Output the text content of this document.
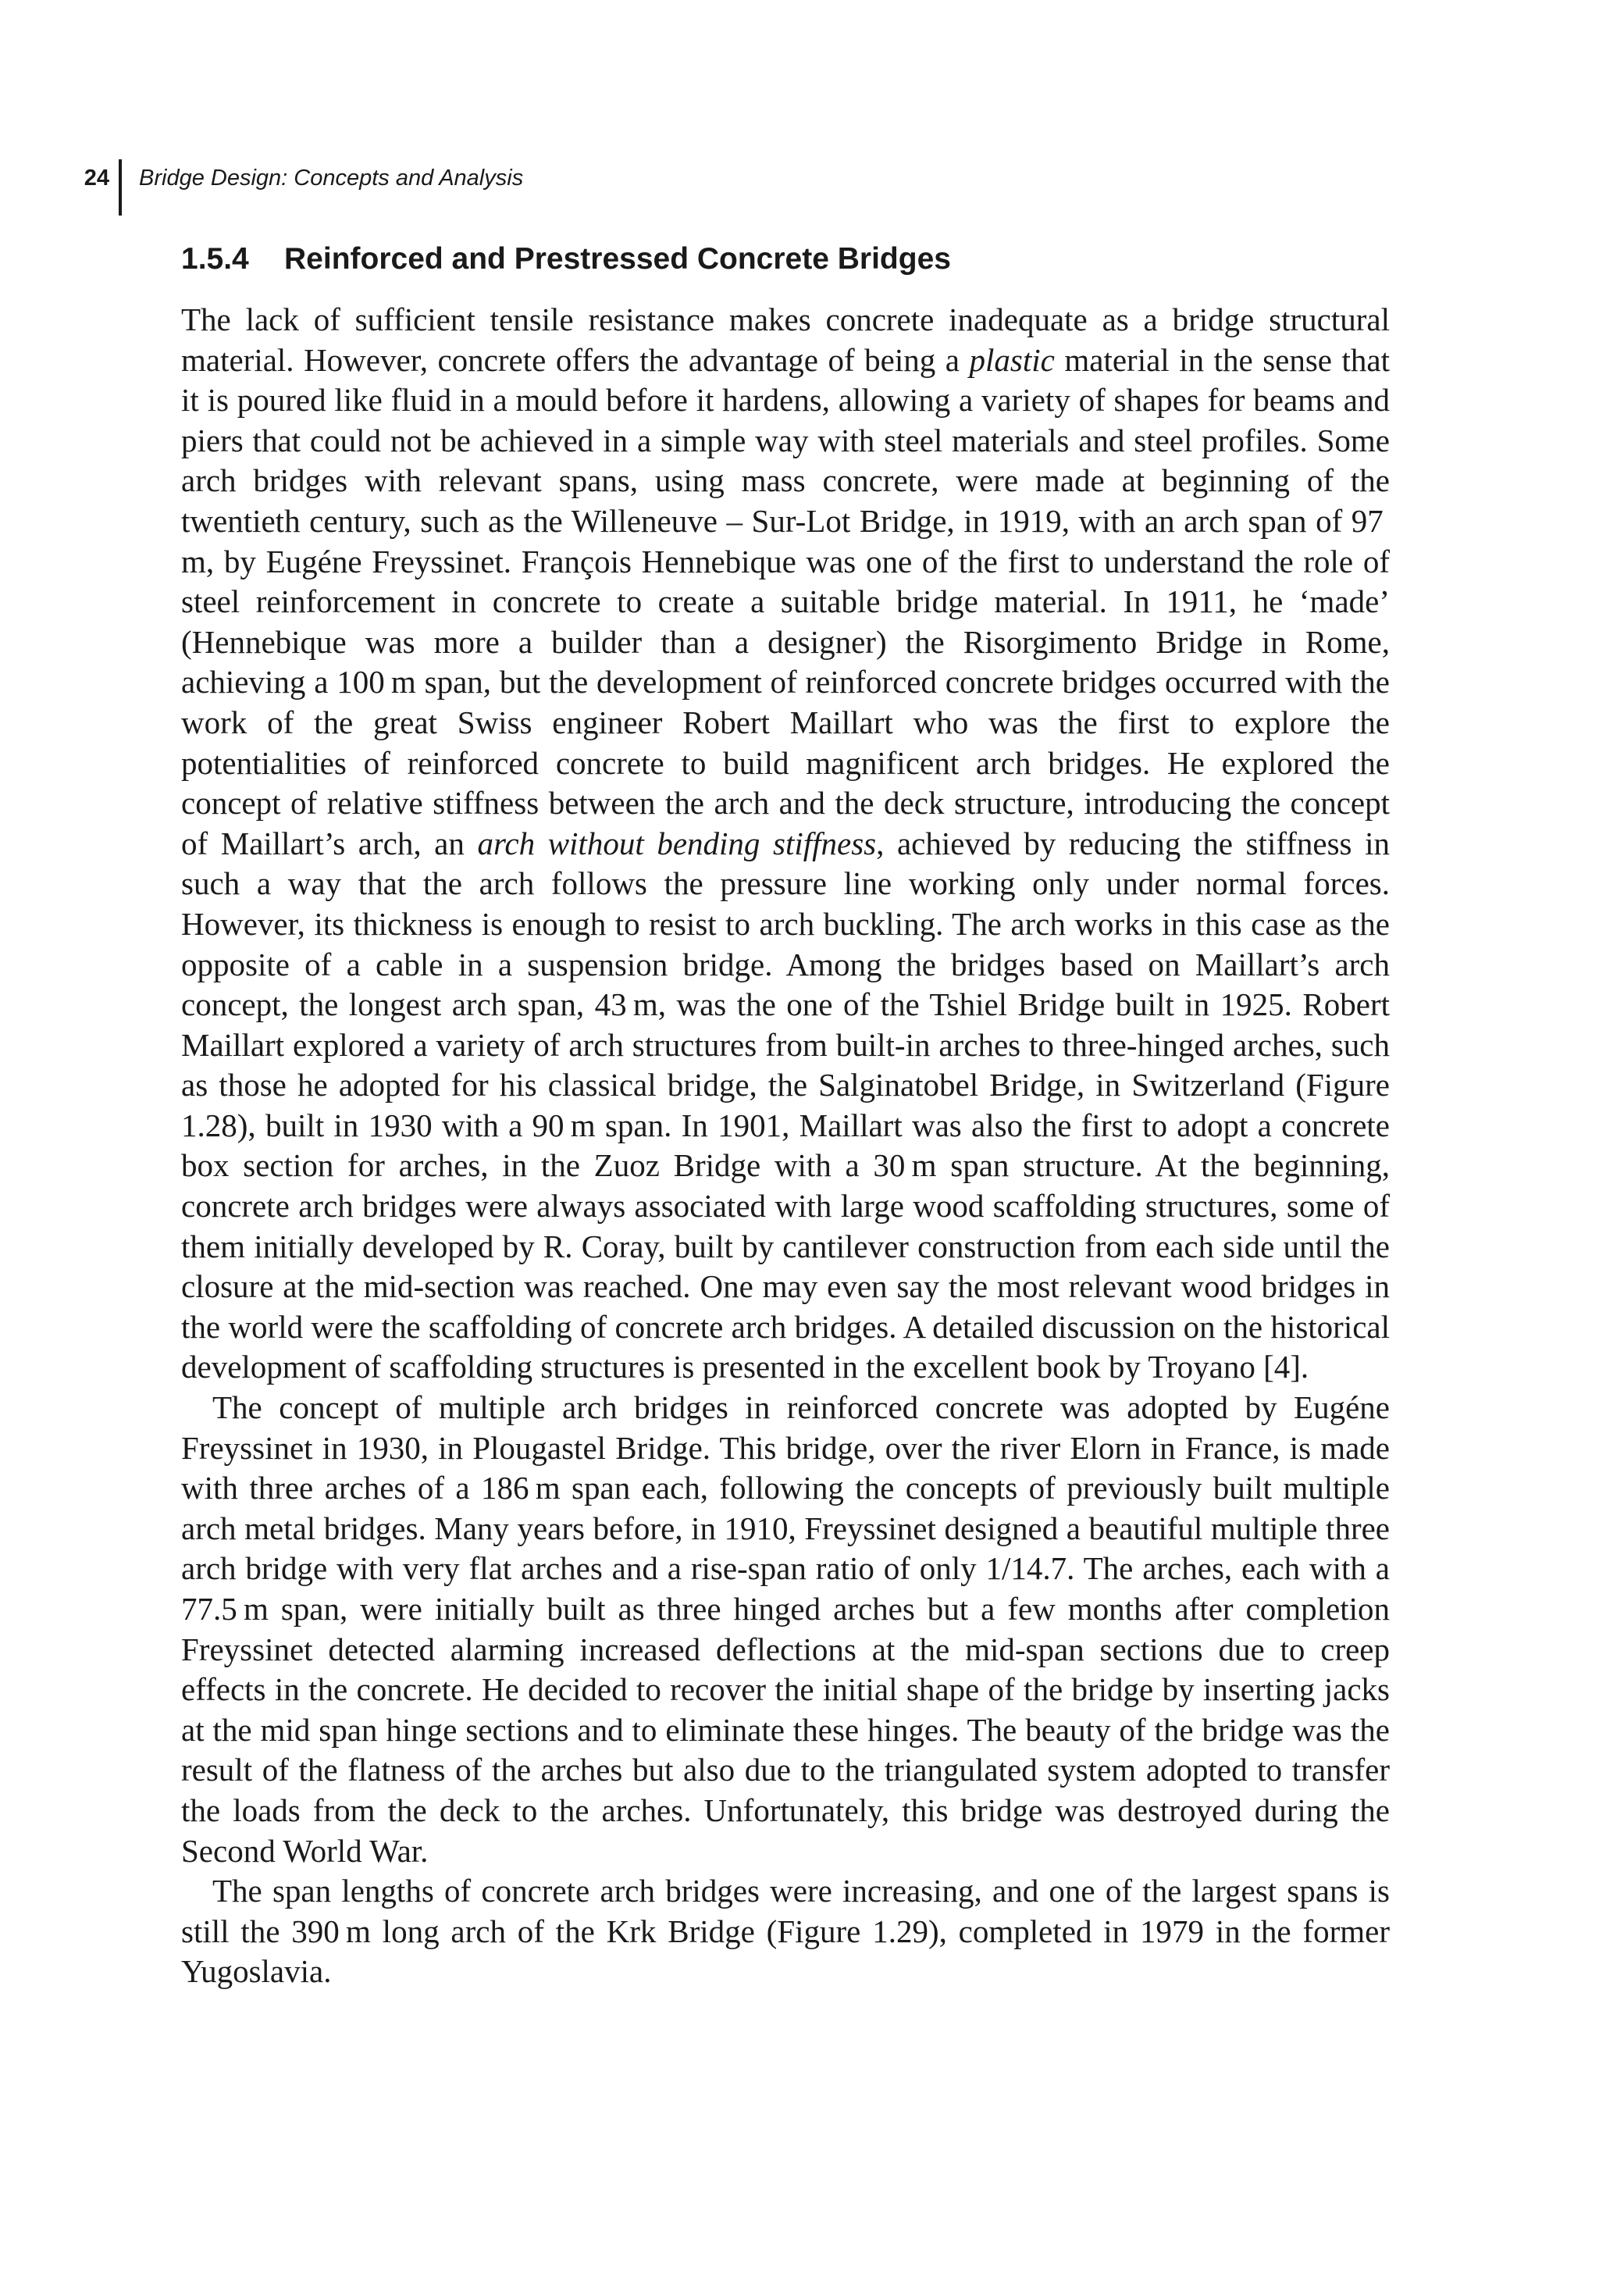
24 Bridge Design: Concepts and Analysis
1.5.4	Reinforced and Prestressed Concrete Bridges

The lack of sufficient tensile resistance makes concrete inadequate as a bridge structural material. However, concrete offers the advantage of being a plastic material in the sense that it is poured like fluid in a mould before it hardens, allowing a variety of shapes for beams and piers that could not be achieved in a simple way with steel materials and steel profiles. Some arch bridges with relevant spans, using mass concrete, were made at beginning of the twentieth century, such as the Willeneuve – Sur-Lot Bridge, in 1919, with an arch span of 97 m, by Eugéne Freyssinet. François Hennebique was one of the first to understand the role of steel reinforcement in concrete to create a suitable bridge material. In 1911, he ‘made’ (Hennebique was more a builder than a designer) the Risorgimento Bridge in Rome, achieving a 100 m span, but the development of reinforced concrete bridges occurred with the work of the great Swiss engineer Robert Maillart who was the first to explore the potentialities of reinforced concrete to build magnificent arch bridges. He explored the concept of relative stiffness between the arch and the deck structure, introducing the concept of Maillart’s arch, an arch without bending stiffness, achieved by reducing the stiffness in such a way that the arch follows the pressure line working only under normal forces. However, its thickness is enough to resist to arch buckling. The arch works in this case as the opposite of a cable in a suspension bridge. Among the bridges based on Maillart’s arch concept, the longest arch span, 43 m, was the one of the Tshiel Bridge built in 1925. Robert Maillart explored a variety of arch structures from built-in arches to three-hinged arches, such as those he adopted for his classical bridge, the Salginatobel Bridge, in Switzerland (Figure 1.28), built in 1930 with a 90 m span. In 1901, Maillart was also the first to adopt a concrete box section for arches, in the Zuoz Bridge with a 30 m span structure. At the beginning, concrete arch bridges were always associated with large wood scaffolding structures, some of them initially developed by R. Coray, built by cantilever construction from each side until the closure at the mid-section was reached. One may even say the most relevant wood bridges in the world were the scaffolding of concrete arch bridges. A detailed discussion on the historical development of scaffolding structures is presented in the excellent book by Troyano [4].

The concept of multiple arch bridges in reinforced concrete was adopted by Eugéne Freyssinet in 1930, in Plougastel Bridge. This bridge, over the river Elorn in France, is made with three arches of a 186 m span each, following the concepts of previously built multiple arch metal bridges. Many years before, in 1910, Freyssinet designed a beautiful multiple three arch bridge with very flat arches and a rise-span ratio of only 1/14.7. The arches, each with a 77.5 m span, were initially built as three hinged arches but a few months after completion Freyssinet detected alarming increased deflections at the mid-span sections due to creep effects in the concrete. He decided to recover the initial shape of the bridge by inserting jacks at the mid span hinge sections and to eliminate these hinges. The beauty of the bridge was the result of the flatness of the arches but also due to the triangulated system adopted to transfer the loads from the deck to the arches. Unfortunately, this bridge was destroyed during the Second World War.

The span lengths of concrete arch bridges were increasing, and one of the largest spans is still the 390 m long arch of the Krk Bridge (Figure 1.29), completed in 1979 in the former Yugoslavia.
